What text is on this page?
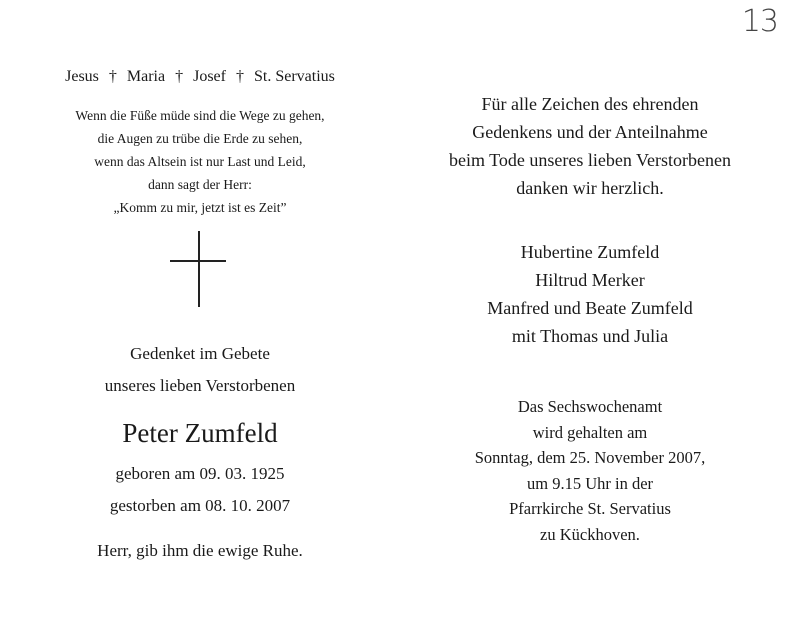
13
Jesus † Maria † Josef † St. Servatius
Wenn die Füße müde sind die Wege zu gehen,
die Augen zu trübe die Erde zu sehen,
wenn das Altsein ist nur Last und Leid,
dann sagt der Herr:
„Komm zu mir, jetzt ist es Zeit”
Gedenket im Gebete
unseres lieben Verstorbenen
Peter Zumfeld
geboren am 09. 03. 1925
gestorben am 08. 10. 2007
Herr, gib ihm die ewige Ruhe.
Für alle Zeichen des ehrenden
Gedenkens und der Anteilnahme
beim Tode unseres lieben Verstorbenen
danken wir herzlich.
Hubertine Zumfeld
Hiltrud Merker
Manfred und Beate Zumfeld
mit Thomas und Julia
Das Sechswochenamt
wird gehalten am
Sonntag, dem 25. November 2007,
um 9.15 Uhr in der
Pfarrkirche St. Servatius
zu Kückhoven.
